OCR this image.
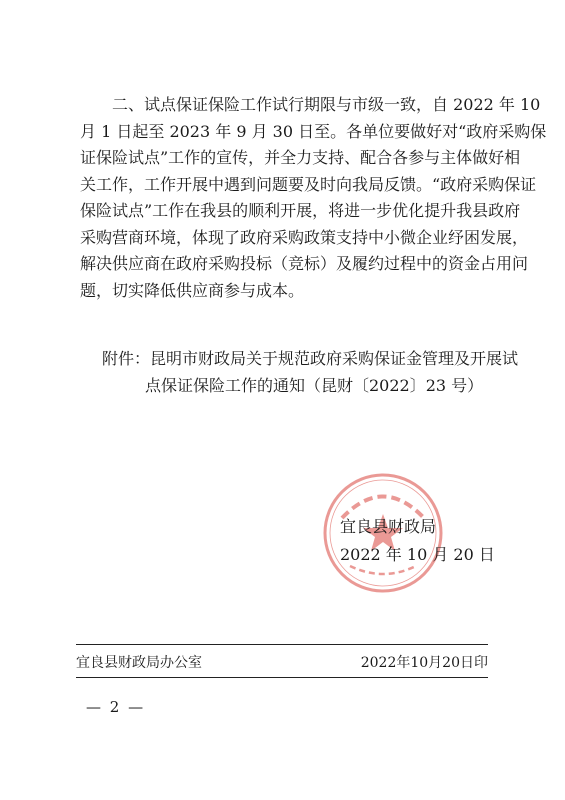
二、试点保证保险工作试行期限与市级一致，自 2022 年 10
月 1 日起至 2023 年 9 月 30 日至。各单位要做好对“政府采购保
证保险试点”工作的宣传，并全力支持、配合各参与主体做好相
关工作，工作开展中遇到问题要及时向我局反馈。“政府采购保证
保险试点”工作在我县的顺利开展，将进一步优化提升我县政府
采购营商环境，体现了政府采购政策支持中小微企业纾困发展，
解决供应商在政府采购投标（竞标）及履约过程中的资金占用问
题，切实降低供应商参与成本。
附件：昆明市财政局关于规范政府采购保证金管理及开展试
点保证保险工作的通知（昆财〔2022〕23 号）
宜良县财政局
2022 年 10 月 20 日
宜良县财政局办公室	2022年10月20日印
— 2 —
